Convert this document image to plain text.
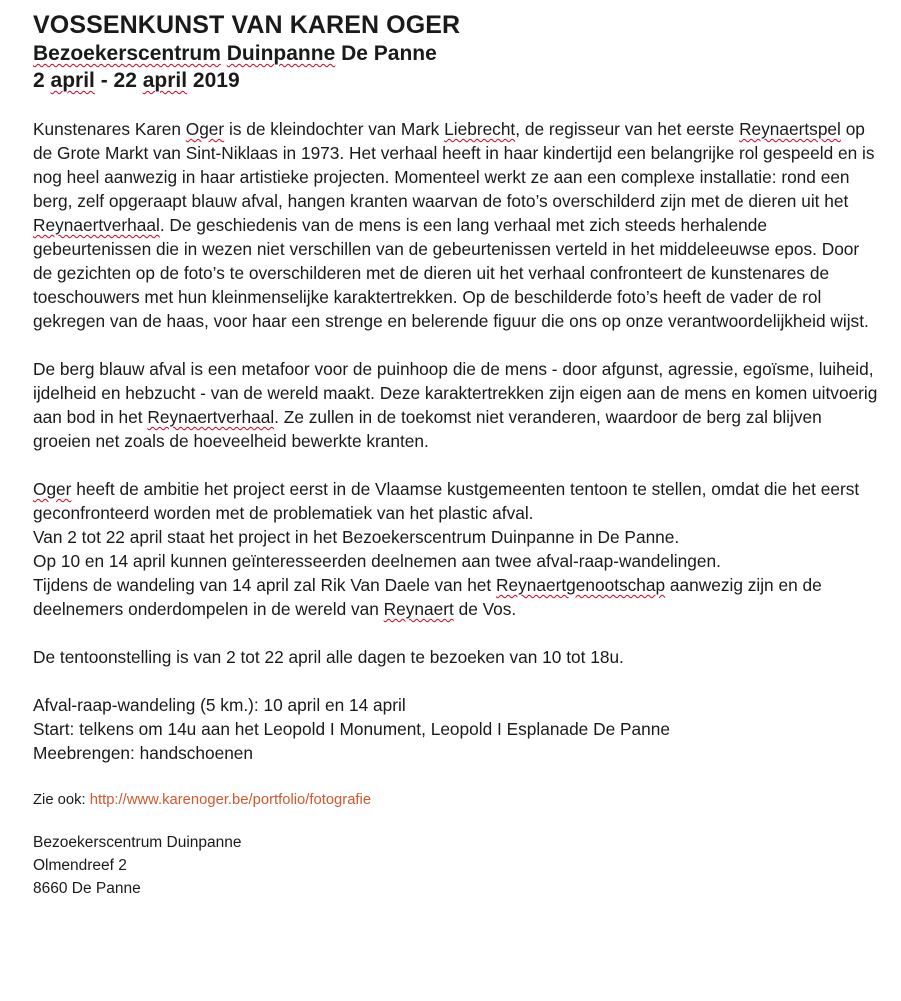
VOSSENKUNST VAN KAREN OGER
Bezoekerscentrum Duinpanne De Panne
2 april - 22 april 2019

Kunstenares Karen Oger is de kleindochter van Mark Liebrecht, de regisseur van het eerste Reynaertspel op de Grote Markt van Sint-Niklaas in 1973. Het verhaal heeft in haar kindertijd een belangrijke rol gespeeld en is nog heel aanwezig in haar artistieke projecten. Momenteel werkt ze aan een complexe installatie: rond een berg, zelf opgeraapt blauw afval, hangen kranten waarvan de foto’s overschilderd zijn met de dieren uit het Reynaertverhaal. De geschiedenis van de mens is een lang verhaal met zich steeds herhalende gebeurtenissen die in wezen niet verschillen van de gebeurtenissen verteld in het middeleeuwse epos. Door de gezichten op de foto’s te overschilderen met de dieren uit het verhaal confronteert de kunstenares de toeschouwers met hun kleinmenselijke karaktertrekken. Op de beschilderde foto’s heeft de vader de rol gekregen van de haas, voor haar een strenge en belerende figuur die ons op onze verantwoordelijkheid wijst.

De berg blauw afval is een metafoor voor de puinhoop die de mens - door afgunst, agressie, egoïsme, luiheid, ijdelheid en hebzucht - van de wereld maakt. Deze karaktertrekken zijn eigen aan de mens en komen uitvoerig aan bod in het Reynaertverhaal. Ze zullen in de toekomst niet veranderen, waardoor de berg zal blijven groeien net zoals de hoeveelheid bewerkte kranten.

Oger heeft de ambitie het project eerst in de Vlaamse kustgemeenten tentoon te stellen, omdat die het eerst geconfronteerd worden met de problematiek van het plastic afval.
Van 2 tot 22 april staat het project in het Bezoekerscentrum Duinpanne in De Panne.
Op 10 en 14 april kunnen geïnteresseerden deelnemen aan twee afval-raap-wandelingen.
Tijdens de wandeling van 14 april zal Rik Van Daele van het Reynaertgenootschap aanwezig zijn en de deelnemers onderdompelen in de wereld van Reynaert de Vos.

De tentoonstelling is van 2 tot 22 april alle dagen te bezoeken van 10 tot 18u.

Afval-raap-wandeling (5 km.): 10 april en 14 april
Start: telkens om 14u aan het Leopold I Monument, Leopold I Esplanade De Panne
Meebrengen: handschoenen

Zie ook: http://www.karenoger.be/portfolio/fotografie

Bezoekerscentrum Duinpanne
Olmendreef 2
8660 De Panne
